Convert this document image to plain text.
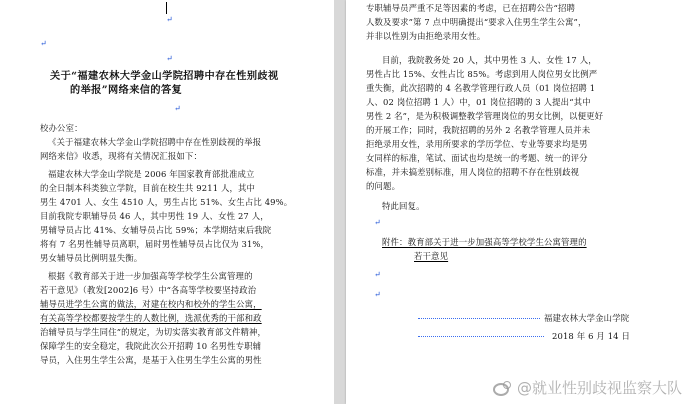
↵
↵
↵
关于“福建农林大学金山学院招聘中存在性别歧视
的举报”网络来信的答复
↵
校办公室：
《关于福建农林大学金山学院招聘中存在性别歧视的举报
网络来信》收悉，现将有关情况汇报如下：
福建农林大学金山学院是 2006 年国家教育部批准成立
的全日制本科类独立学院，目前在校生共 9211 人，其中
男生 4701 人、女生 4510 人，男生占比 51%、女生占比 49%。
目前我院专职辅导员 46 人，其中男性 19 人、女性 27 人，
男辅导员占比 41%、女辅导员占比 59%；本学期结束后我院
将有 7 名男性辅导员离职，届时男性辅导员占比仅为 31%，
男女辅导员比例明显失衡。
根据《教育部关于进一步加强高等学校学生公寓管理的
若干意见》（教发[2002]6 号）中“各高等学校要坚持政治
辅导员进学生公寓的做法，对建在校内和校外的学生公寓，
有关高等学校都要按学生的人数比例，选派优秀的干部和政
治辅导员与学生同住”的规定，为切实落实教育部文件精神，
保障学生的安全稳定，我院此次公开招聘 10 名男性专职辅
导员，入住男生学生公寓，是基于入住男生学生公寓的男性
专职辅导员严重不足等因素的考虑，已在招聘公告“招聘
人数及要求”第 7 点中明确提出“要求入住男生学生公寓”，
并非以性别为由拒绝录用女性。
目前，我院教务处 20 人，其中男性 3 人、女性 17 人，
男性占比 15%、女性占比 85%。考虑到用人岗位男女比例严
重失衡，此次招聘的 4 名教学管理行政人员（01 岗位招聘 1
人、02 岗位招聘 1 人）中，01 岗位招聘的 3 人提出“其中
男性 2 名”，是为积极调整教学管理岗位的男女比例，以便更好
的开展工作；同时，我院招聘的另外 2 名教学管理人员并未
拒绝录用女性，录用所要求的学历学位、专业等要求均是男
女同样的标准，笔试、面试也均是统一的考题、统一的评分
标准，并未搞差别标准，用人岗位的招聘不存在性别歧视
的问题。
特此回复。
↵
附件：教育部关于进一步加强高等学校学生公寓管理的
若干意见
↵
↵
福建农林大学金山学院
2018 年 6 月 14 日
@就业性别歧视监察大队
